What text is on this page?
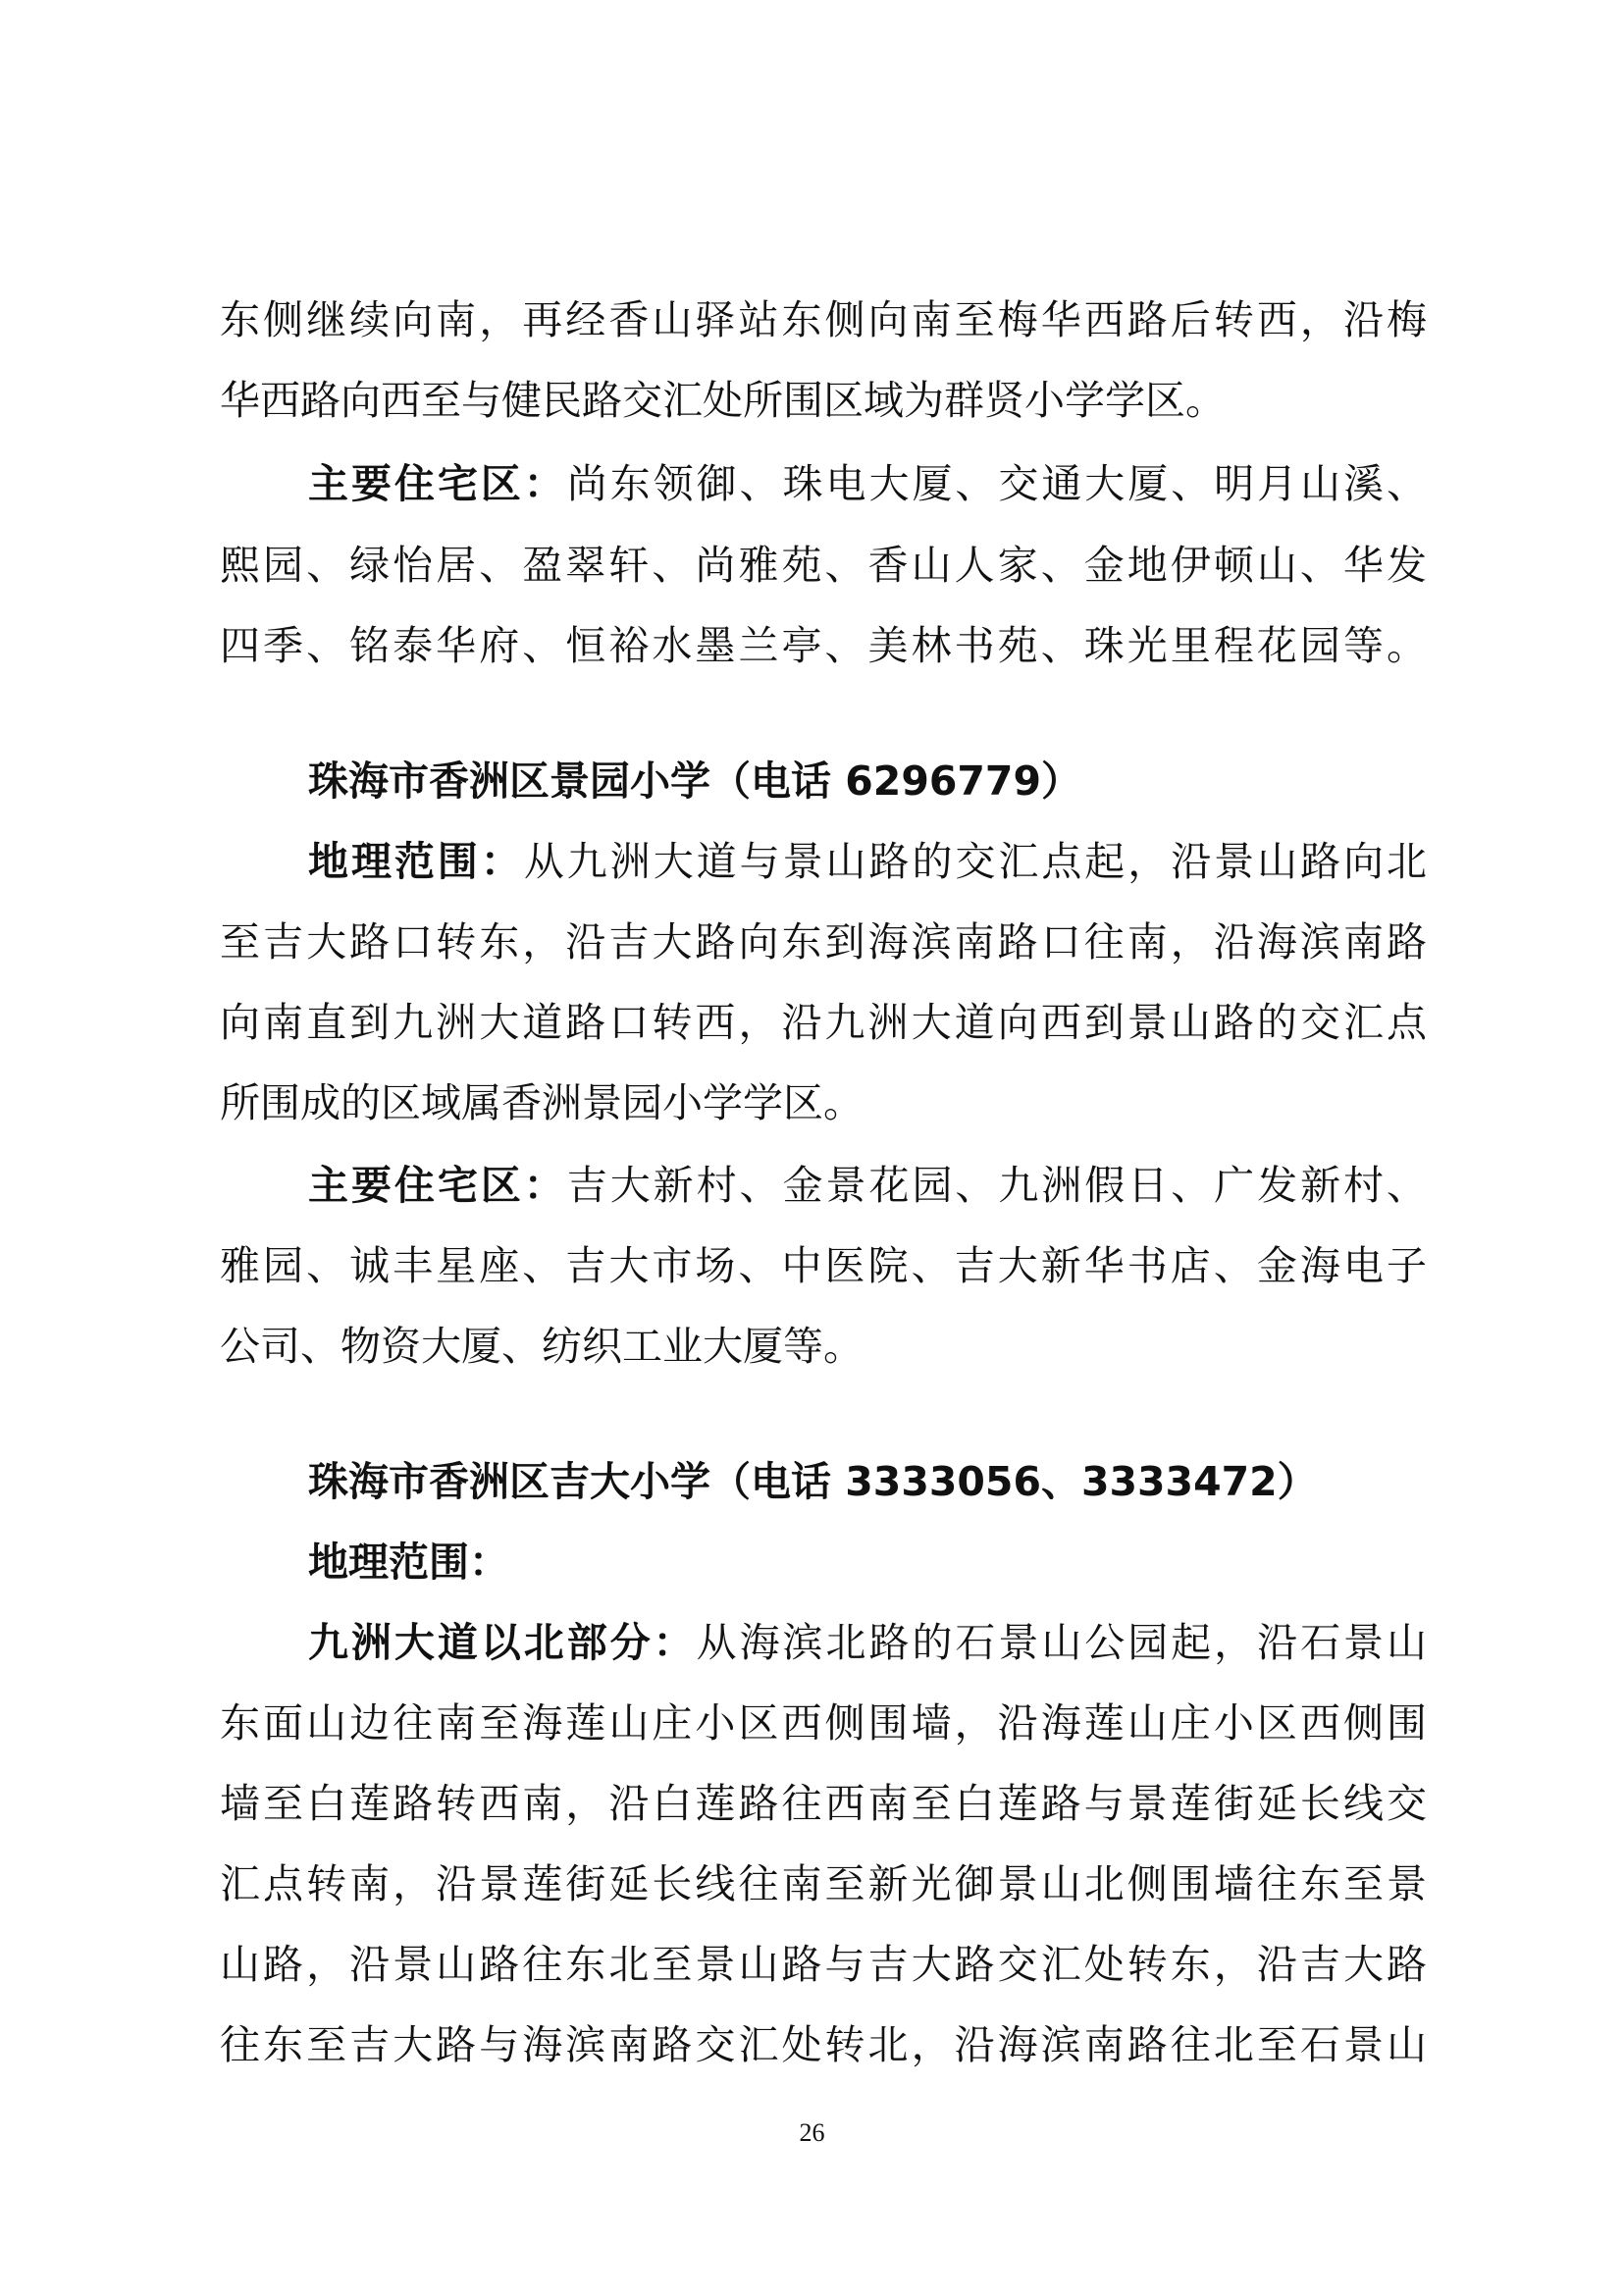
东侧继续向南，再经香山驿站东侧向南至梅华西路后转西，沿梅
华西路向西至与健民路交汇处所围区域为群贤小学学区。
主要住宅区：尚东领御、珠电大厦、交通大厦、明月山溪、
熙园、绿怡居、盈翠轩、尚雅苑、香山人家、金地伊顿山、华发
四季、铭泰华府、恒裕水墨兰亭、美林书苑、珠光里程花园等。
珠海市香洲区景园小学（电话 6296779）
地理范围：从九洲大道与景山路的交汇点起，沿景山路向北
至吉大路口转东，沿吉大路向东到海滨南路口往南，沿海滨南路
向南直到九洲大道路口转西，沿九洲大道向西到景山路的交汇点
所围成的区域属香洲景园小学学区。
主要住宅区：吉大新村、金景花园、九洲假日、广发新村、
雅园、诚丰星座、吉大市场、中医院、吉大新华书店、金海电子
公司、物资大厦、纺织工业大厦等。
珠海市香洲区吉大小学（电话 3333056、3333472）
地理范围：
九洲大道以北部分：从海滨北路的石景山公园起，沿石景山
东面山边往南至海莲山庄小区西侧围墙，沿海莲山庄小区西侧围
墙至白莲路转西南，沿白莲路往西南至白莲路与景莲街延长线交
汇点转南，沿景莲街延长线往南至新光御景山北侧围墙往东至景
山路，沿景山路往东北至景山路与吉大路交汇处转东，沿吉大路
往东至吉大路与海滨南路交汇处转北，沿海滨南路往北至石景山
26
